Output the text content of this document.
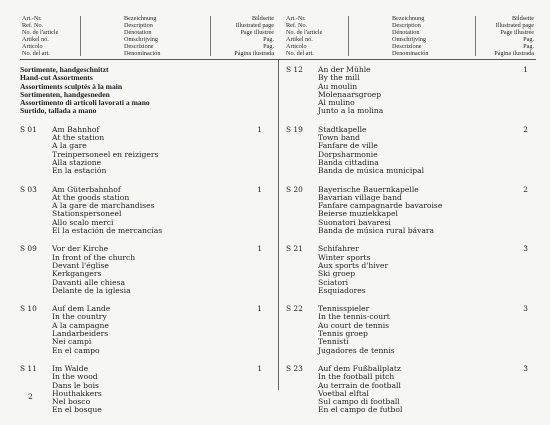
Art.-Nr.
Ref. No.
No. de l'article
Artikel no.
Articolo
No. del art.
Bezeichnung
Description
Dénotation
Omschrijving
Descrizione
Denominación
Bildseite
Illustrated page
Page illustrée
Pag.
Pag.
Página ilustrada
Art.-Nr.
Ref. No.
No. de l'article
Artikel no.
Articolo
No. del art.
Bezeichnung
Description
Dénotation
Omschrijving
Descrizione
Denominación
Bildseite
Illustrated page
Page illustrée
Pag.
Pag.
Página ilustrada
Sortimente, handgeschnitzt
Hand-cut Assortments
Assortiments sculptés à la main
Sortimenten, handgesneden
Assortimento di articoli lavorati a mano
Surtido, tallada a mano
S 01	1
Am Bahnhof
At the station
A la gare
Treinpersoneel en reizigers
Alla stazione
En la estación
S 03	1
Am Güterbahnhof
At the goods station
A la gare de marchandises
Stationspersoneel
Allo scalo merci
El la estación de mercancías
S 09	1
Vor der Kirche
In front of the church
Devant l'église
Kerkgangers
Davanti alle chiesa
Delante de la iglesia
S 10	1
Auf dem Lande
In the country
A la campagne
Landarbeiders
Nei campi
En el campo
S 11	1
Im Walde
In the wood
Dans le bois
Houthakkers
Nel bosco
En el bosque
S 12	1
An der Mühle
By the mill
Au moulin
Molenaarsgroep
Al mulino
Junto a la molina
S 19	2
Stadtkapelle
Town band
Fanfare de ville
Dorpsharmonie
Banda cittadina
Banda de música municipal
S 20	2
Bayerische Bauernkapelle
Bavarian village band
Fanfare campagnarde bavaroise
Beierse muziekkapel
Suonatori bavaresi
Banda de música rural bávara
S 21	3
Schifahrer
Winter sports
Aux sports d'hiver
Ski groep
Sciatori
Esquiadores
S 22	3
Tennisspieler
In the tennis-court
Au court de tennis
Tennis groep
Tennisti
Jugadores de tennis
S 23	3
Auf dem Fußballplatz
In the football pitch
Au terrain de football
Voetbal elftal
Sul campo di football
En el campo de futbol
2
